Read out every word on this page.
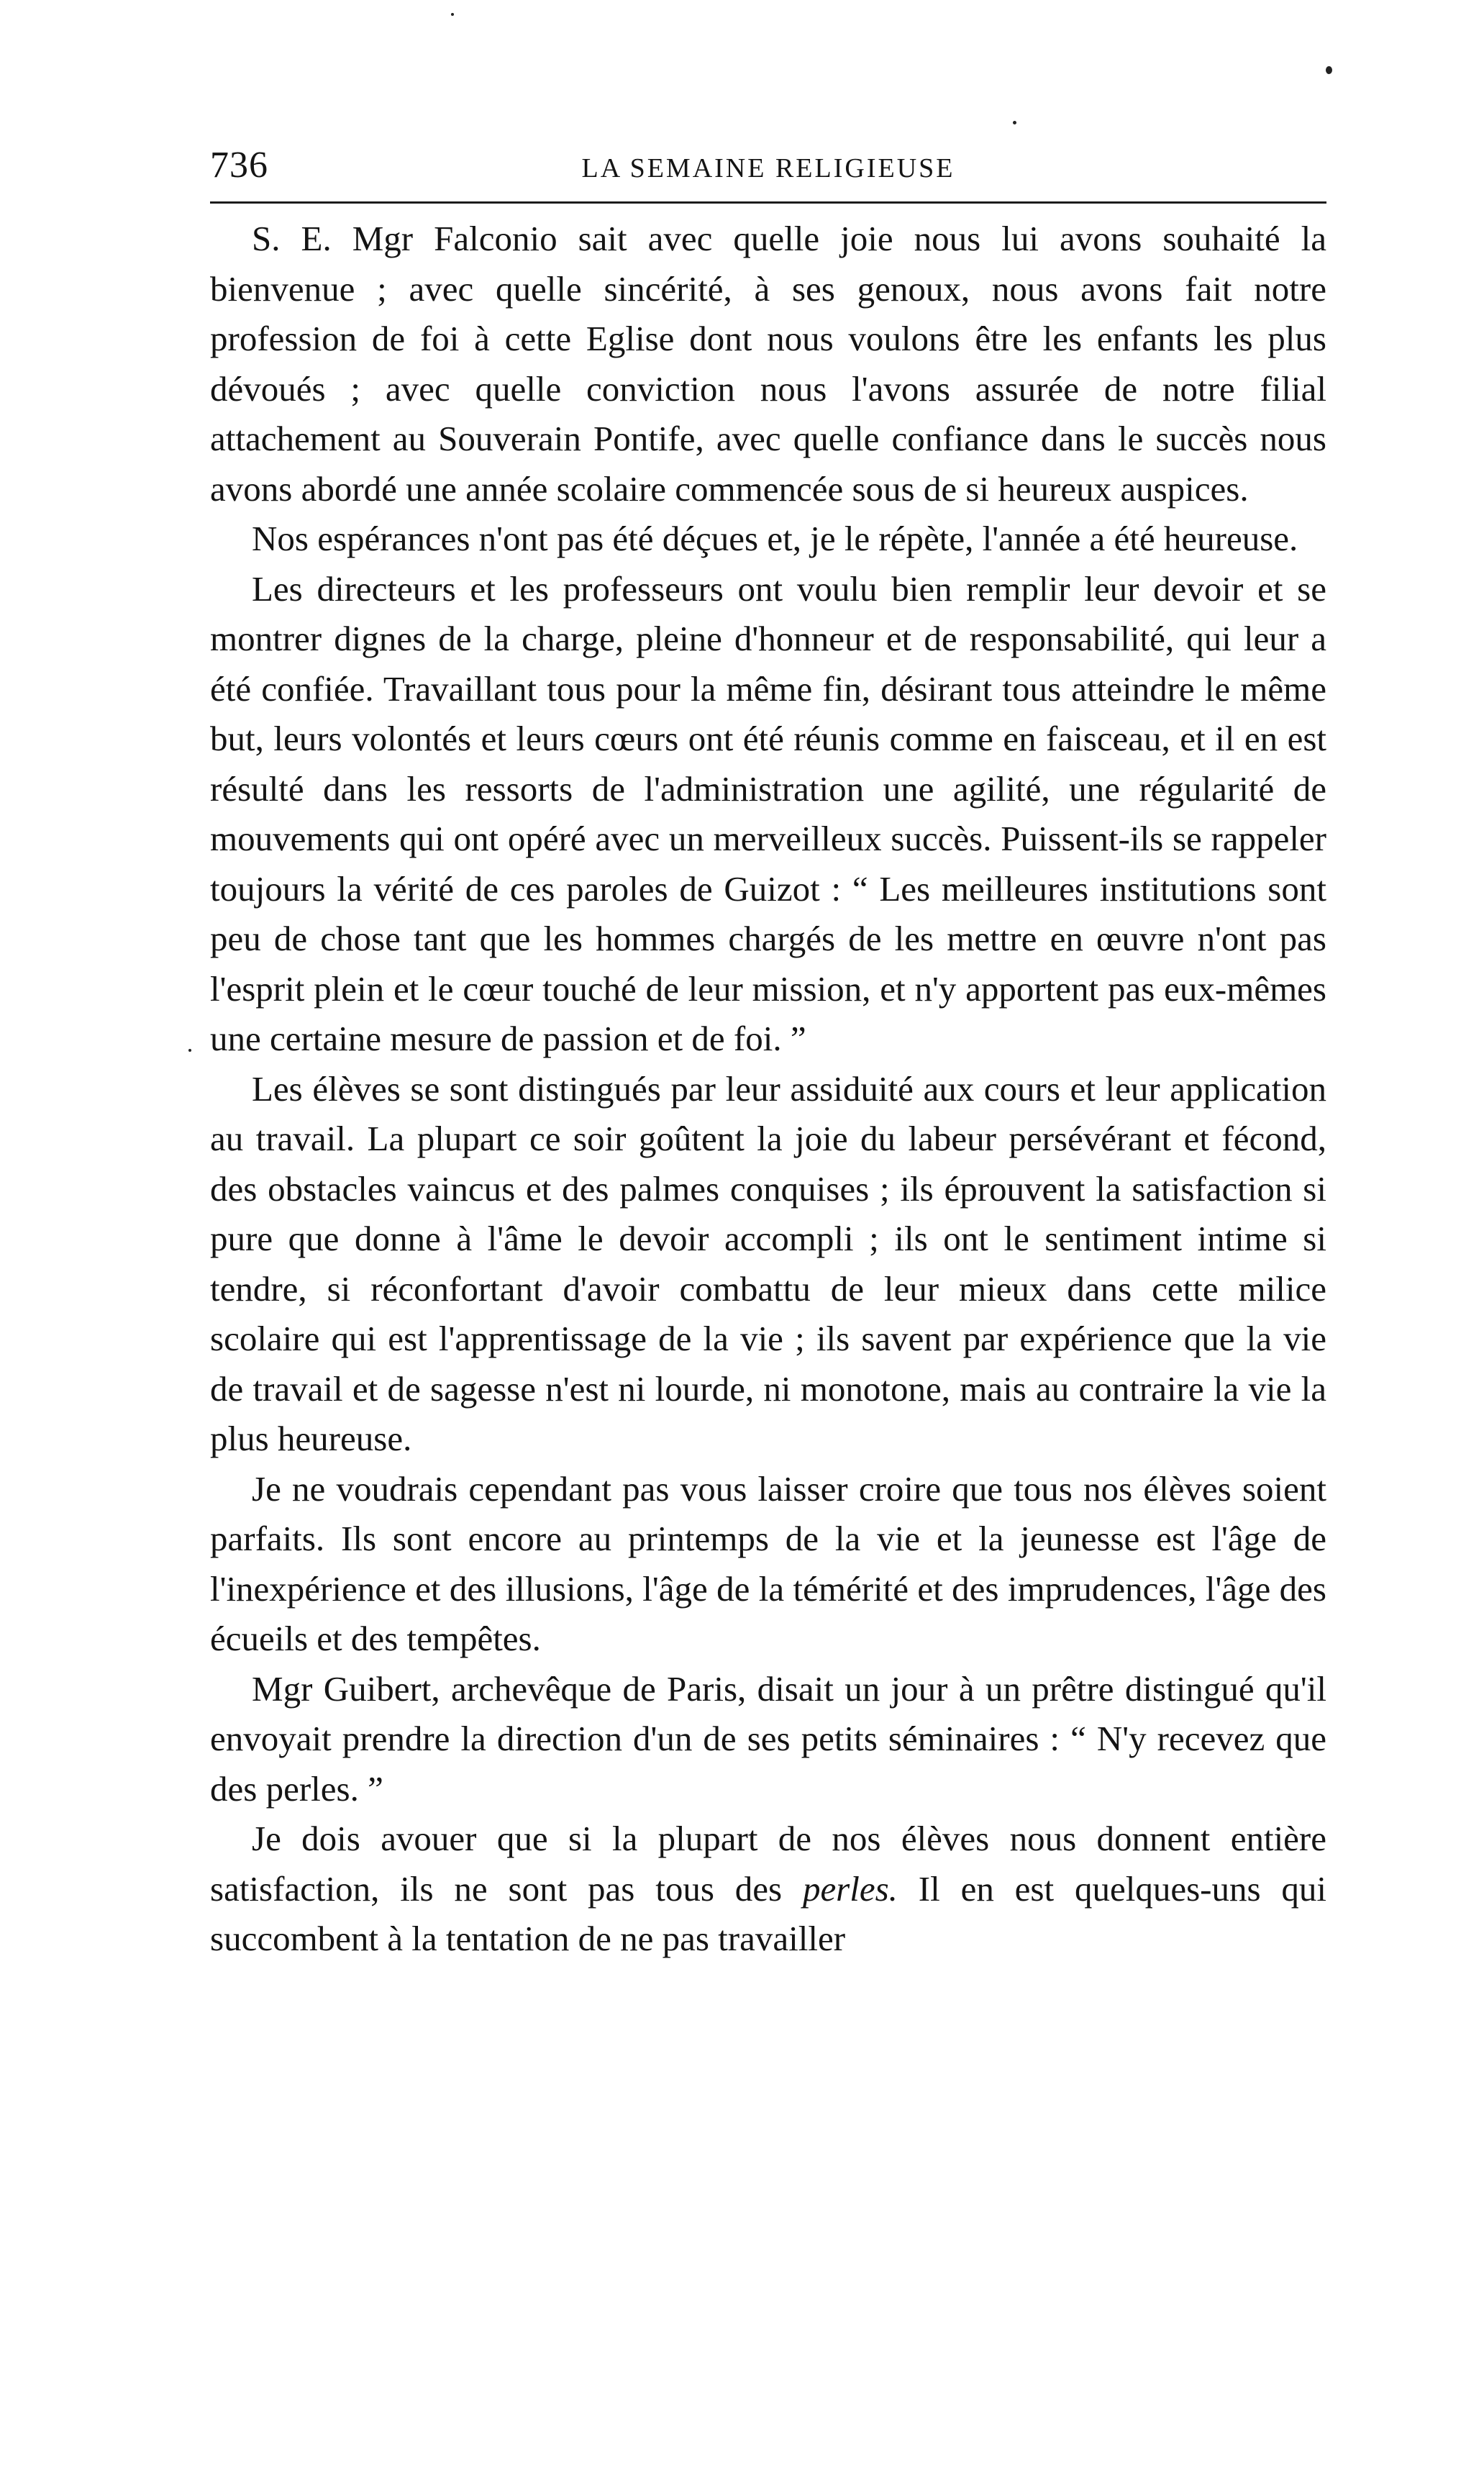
736	LA SEMAINE RELIGIEUSE

S. E. Mgr Falconio sait avec quelle joie nous lui avons souhaité la bienvenue ; avec quelle sincérité, à ses genoux, nous avons fait notre profession de foi à cette Eglise dont nous voulons être les enfants les plus dévoués ; avec quelle conviction nous l'avons assurée de notre filial attachement au Souverain Pontife, avec quelle confiance dans le succès nous avons abordé une année scolaire commencée sous de si heureux auspices.

Nos espérances n'ont pas été déçues et, je le répète, l'année a été heureuse.

Les directeurs et les professeurs ont voulu bien remplir leur devoir et se montrer dignes de la charge, pleine d'honneur et de responsabilité, qui leur a été confiée. Travaillant tous pour la même fin, désirant tous atteindre le même but, leurs volontés et leurs cœurs ont été réunis comme en faisceau, et il en est résulté dans les ressorts de l'administration une agilité, une régularité de mouvements qui ont opéré avec un merveilleux succès. Puissent-ils se rappeler toujours la vérité de ces paroles de Guizot : “ Les meilleures institutions sont peu de chose tant que les hommes chargés de les mettre en œuvre n'ont pas l'esprit plein et le cœur touché de leur mission, et n'y apportent pas eux-mêmes une certaine mesure de passion et de foi. ”

Les élèves se sont distingués par leur assiduité aux cours et leur application au travail. La plupart ce soir goûtent la joie du labeur persévérant et fécond, des obstacles vaincus et des palmes conquises ; ils éprouvent la satisfaction si pure que donne à l'âme le devoir accompli ; ils ont le sentiment intime si tendre, si réconfortant d'avoir combattu de leur mieux dans cette milice scolaire qui est l'apprentissage de la vie ; ils savent par expérience que la vie de travail et de sagesse n'est ni lourde, ni monotone, mais au contraire la vie la plus heureuse.

Je ne voudrais cependant pas vous laisser croire que tous nos élèves soient parfaits. Ils sont encore au printemps de la vie et la jeunesse est l'âge de l'inexpérience et des illusions, l'âge de la témérité et des imprudences, l'âge des écueils et des tempêtes.

Mgr Guibert, archevêque de Paris, disait un jour à un prêtre distingué qu'il envoyait prendre la direction d'un de ses petits séminaires : “ N'y recevez que des perles. ”

Je dois avouer que si la plupart de nos élèves nous donnent entière satisfaction, ils ne sont pas tous des perles. Il en est quelques-uns qui succombent à la tentation de ne pas travailler
